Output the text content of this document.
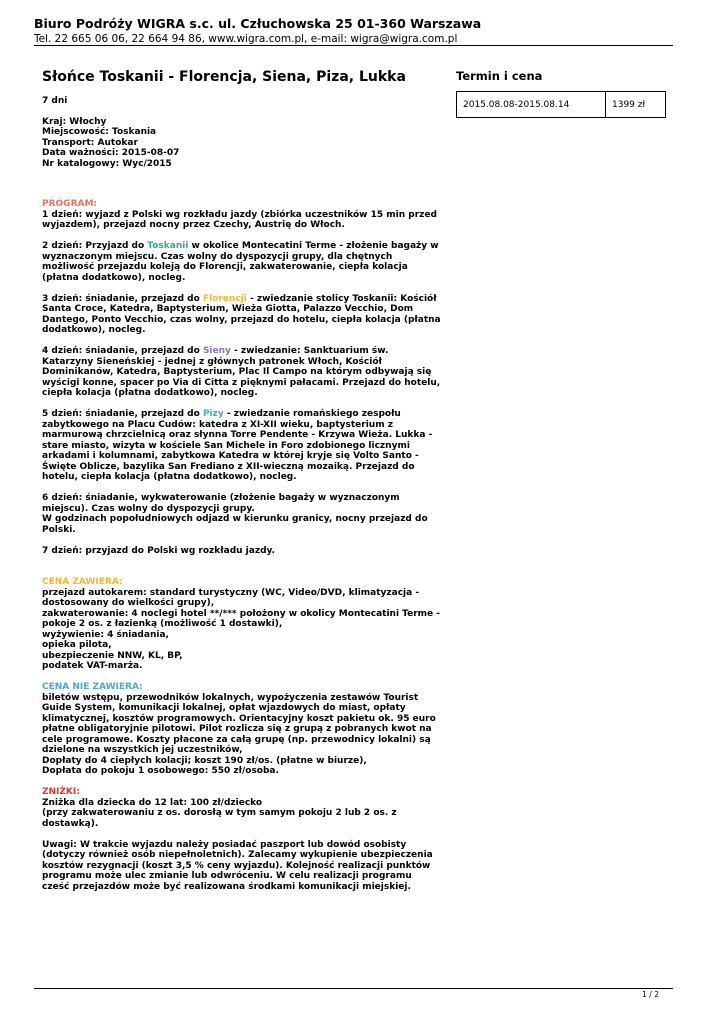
Biuro Podróży WIGRA s.c. ul. Człuchowska 25 01-360 Warszawa
Tel. 22 665 06 06, 22 664 94 86, www.wigra.com.pl, e-mail: wigra@wigra.com.pl
Słońce Toskanii - Florencja, Siena, Piza, Lukka

7 dni

Kraj: Włochy

Miejscowość: Toskania

Transport: Autokar

Data ważności: 2015-08-07

Nr katalogowy: Wyc/2015

PROGRAM:

1 dzień: wyjazd z Polski wg rozkładu jazdy (zbiórka uczestników 15 min przed wyjazdem), przejazd nocny przez Czechy, Austrię do Włoch.

2 dzień: Przyjazd do Toskanii w okolice Montecatini Terme - złożenie bagaży w wyznaczonym miejscu. Czas wolny do dyspozycji grupy, dla chętnych możliwość przejazdu koleją do Florencji, zakwaterowanie, ciepła kolacja (płatna dodatkowo), nocleg.

3 dzień: śniadanie, przejazd do Florencji - zwiedzanie stolicy Toskanii: Kościół Santa Croce, Katedra, Baptysterium, Wieża Giotta, Palazzo Vecchio, Dom Dantego, Ponto Vecchio, czas wolny, przejazd do hotelu, ciepła kolacja (płatna dodatkowo), nocleg.

4 dzień: śniadanie, przejazd do Sieny - zwiedzanie: Sanktuarium św. Katarzyny Sieneńskiej - jednej z głównych patronek Włoch, Kościół Dominikanów, Katedra, Baptysterium, Plac Il Campo na którym odbywają się wyścigi konne, spacer po Via di Citta z pięknymi pałacami. Przejazd do hotelu, ciepła kolacja (płatna dodatkowo), nocleg.

5 dzień: śniadanie, przejazd do Pizy - zwiedzanie romańskiego zespołu zabytkowego na Placu Cudów: katedra z XI-XII wieku, baptysterium z marmurową chrzcielnicą oraz słynna Torre Pendente - Krzywa Wieża. Lukka - stare miasto, wizyta w kościele San Michele in Foro zdobionego licznymi arkadami i kolumnami, zabytkowa Katedra w której kryje się Volto Santo - Święte Oblicze, bazylika San Frediano z XII-wieczną mozaiką. Przejazd do hotelu, ciepła kolacja (płatna dodatkowo), nocleg.

6 dzień: śniadanie, wykwaterowanie (złożenie bagaży w wyznaczonym miejscu). Czas wolny do dyspozycji grupy.

W godzinach popołudniowych odjazd w kierunku granicy, nocny przejazd do Polski.

7 dzień: przyjazd do Polski wg rozkładu jazdy.

CENA ZAWIERA:

przejazd autokarem: standard turystyczny (WC, Video/DVD, klimatyzacja - dostosowany do wielkości grupy),

zakwaterowanie: 4 noclegi hotel **/*** położony w okolicy Montecatini Terme - pokoje 2 os. z łazienką (możliwość 1 dostawki),

wyżywienie: 4 śniadania,

opieka pilota,

ubezpieczenie NNW, KL, BP,

podatek VAT-marża.

CENA NIE ZAWIERA:

biletów wstępu, przewodników lokalnych, wypożyczenia zestawów Tourist Guide System, komunikacji lokalnej, opłat wjazdowych do miast, opłaty klimatycznej, kosztów programowych. Orientacyjny koszt pakietu ok. 95 euro płatne obligatoryjnie pilotowi. Pilot rozlicza się z grupą z pobranych kwot na cele programowe. Koszty płacone za całą grupę (np. przewodnicy lokalni) są dzielone na wszystkich jej uczestników,

Dopłaty do 4 ciepłych kolacji; koszt 190 zł/os. (płatne w biurze),

Dopłata do pokoju 1 osobowego: 550 zł/osoba.

ZNIŻKI:

Zniżka dla dziecka do 12 lat: 100 zł/dziecko

(przy zakwaterowaniu z os. dorosłą w tym samym pokoju 2 lub 2 os. z dostawką).

Uwagi: W trakcie wyjazdu należy posiadać paszport lub dowód osobisty (dotyczy również osób niepełnoletnich). Zalecamy wykupienie ubezpieczenia kosztów rezygnacji (koszt 3,5 % ceny wyjazdu). Kolejność realizacji punktów programu może ulec zmianie lub odwróceniu. W celu realizacji programu cześć przejazdów może być realizowana środkami komunikacji miejskiej.

Termin i cena
2015.08.08-2015.08.14	1399 zł
1 / 2
